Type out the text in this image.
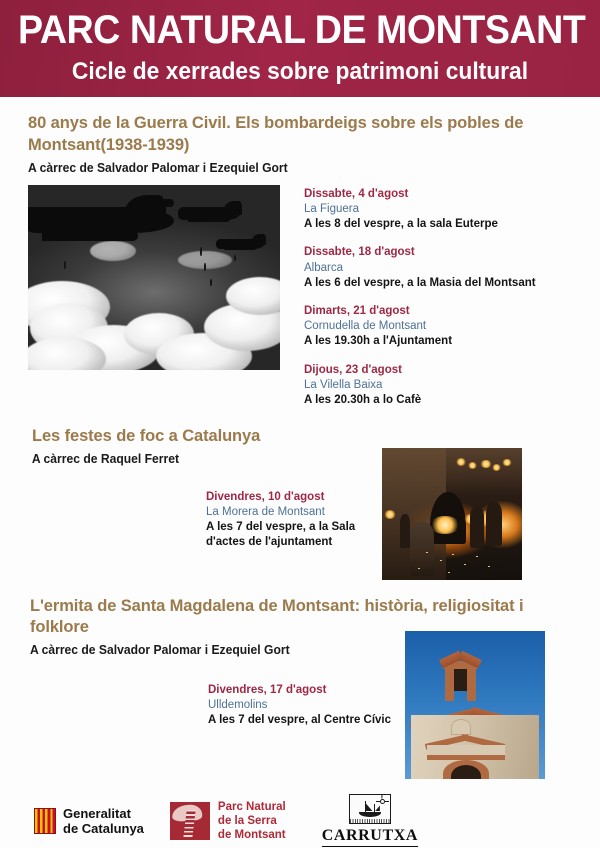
PARC NATURAL DE MONTSANT
Cicle de xerrades sobre patrimoni cultural
80 anys de la Guerra Civil. Els bombardeigs sobre els pobles de Montsant(1938-1939)
A càrrec de Salvador Palomar i Ezequiel Gort
Dissabte, 4 d'agost
La Figuera
A les 8 del vespre, a la sala Euterpe
Dissabte, 18 d'agost
Albarca
A les 6 del vespre, a la Masia del Montsant
Dimarts, 21 d'agost
Cornudella de Montsant
A les 19.30h a l'Ajuntament
Dijous, 23 d'agost
La Vilella Baixa
A les 20.30h a lo Cafè
Les festes de foc a Catalunya
A càrrec de Raquel Ferret
Divendres, 10 d'agost
La Morera de Montsant
A les 7 del vespre, a la Sala d'actes de l'ajuntament
L'ermita de Santa Magdalena de Montsant: història, religiositat i folklore
A càrrec de Salvador Palomar i Ezequiel Gort
Divendres, 17 d'agost
Ulldemolins
A les 7 del vespre, al Centre Cívic
Generalitat
de Catalunya
Parc Natural
de la Serra
de Montsant CARRUTXA
